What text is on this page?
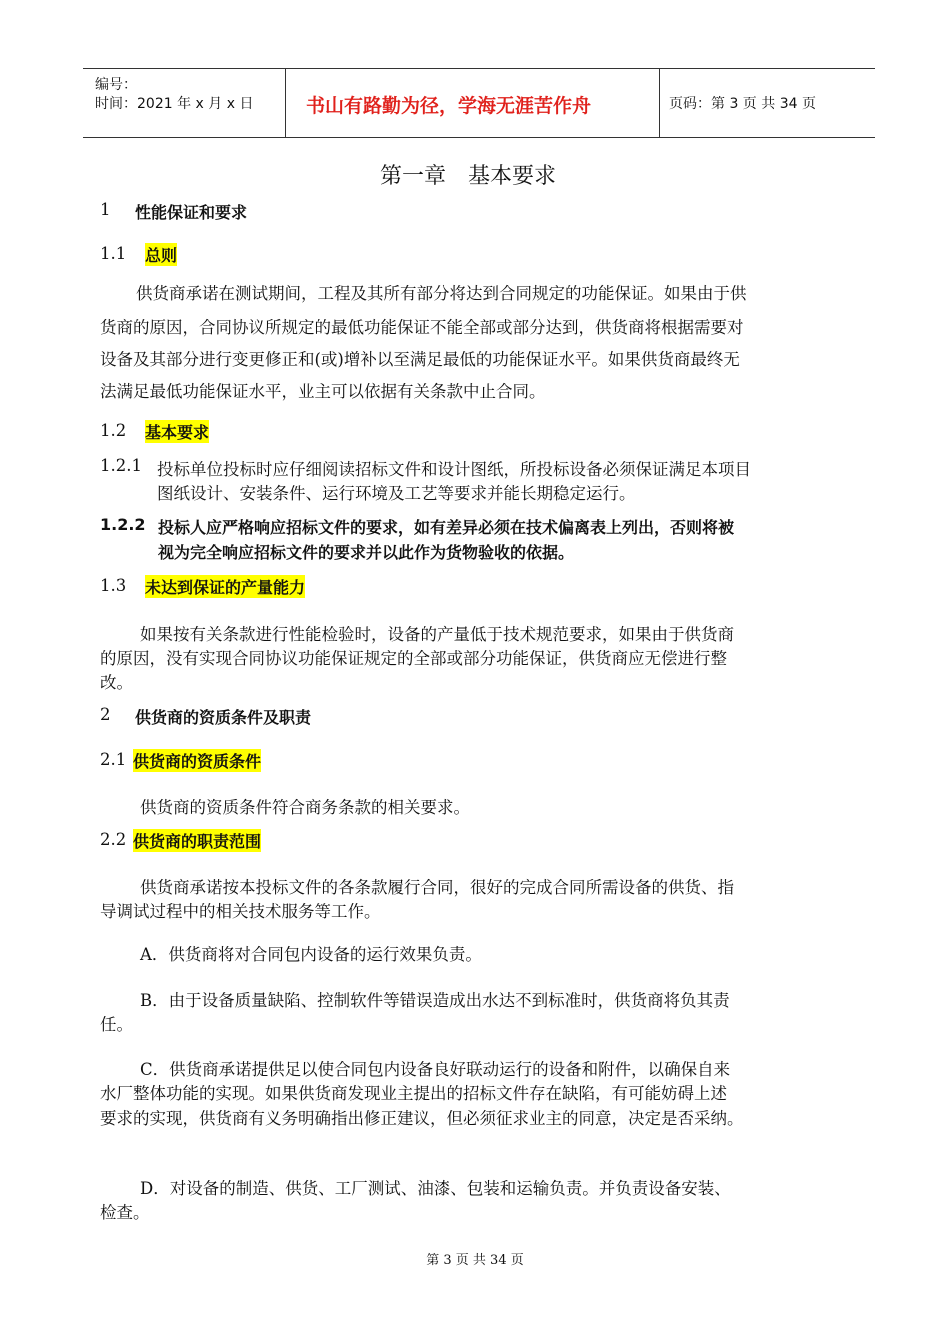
编号：
时间：2021 年 x 月 x 日	书山有路勤为径，学海无涯苦作舟	页码：第 3 页 共 34 页
第一章　基本要求
1 性能保证和要求
1.1 总则
供货商承诺在测试期间，工程及其所有部分将达到合同规定的功能保证。如果由于供
货商的原因，合同协议所规定的最低功能保证不能全部或部分达到，供货商将根据需要对
设备及其部分进行变更修正和(或)增补以至满足最低的功能保证水平。如果供货商最终无
法满足最低功能保证水平，业主可以依据有关条款中止合同。
1.2 基本要求
1.2.1 投标单位投标时应仔细阅读招标文件和设计图纸，所投标设备必须保证满足本项目
图纸设计、安装条件、运行环境及工艺等要求并能长期稳定运行。
1.2.2 投标人应严格响应招标文件的要求，如有差异必须在技术偏离表上列出，否则将被
视为完全响应招标文件的要求并以此作为货物验收的依据。
1.3 未达到保证的产量能力
如果按有关条款进行性能检验时，设备的产量低于技术规范要求，如果由于供货商
的原因，没有实现合同协议功能保证规定的全部或部分功能保证，供货商应无偿进行整
改。
2 供货商的资质条件及职责
2.1 供货商的资质条件
供货商的资质条件符合商务条款的相关要求。
2.2 供货商的职责范围
供货商承诺按本投标文件的各条款履行合同，很好的完成合同所需设备的供货、指
导调试过程中的相关技术服务等工作。
A．供货商将对合同包内设备的运行效果负责。
B．由于设备质量缺陷、控制软件等错误造成出水达不到标准时，供货商将负其责
任。
C．供货商承诺提供足以使合同包内设备良好联动运行的设备和附件，以确保自来
水厂整体功能的实现。如果供货商发现业主提出的招标文件存在缺陷，有可能妨碍上述
要求的实现，供货商有义务明确指出修正建议，但必须征求业主的同意，决定是否采纳。
D．对设备的制造、供货、工厂测试、油漆、包装和运输负责。并负责设备安装、
检查。
第 3 页 共 34 页
